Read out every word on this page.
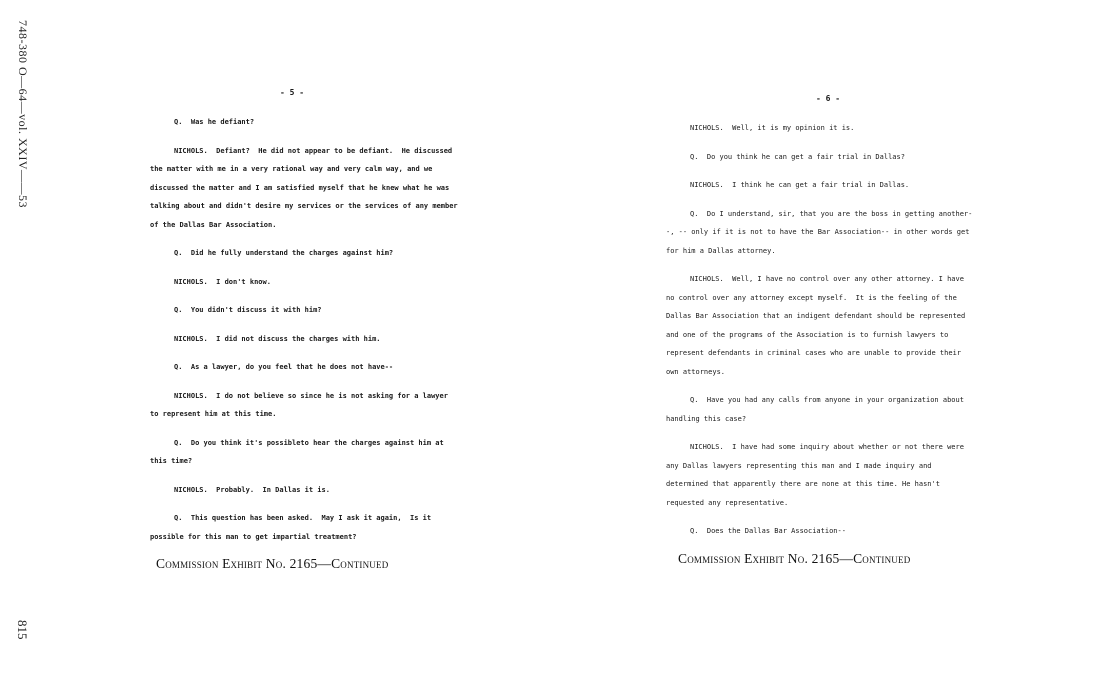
748-380 O—64—vol. XXIV——53
815
- 5 -

Q.  Was he defiant?

NICHOLS.  Defiant?  He did not appear to be defiant.  He discussed the matter with me in a very rational way and very calm way, and we discussed the matter and I am satisfied myself that he knew what he was talking about and didn't desire my services or the services of any member of the Dallas Bar Association.

Q.  Did he fully understand the charges against him?

NICHOLS.  I don't know.

Q.  You didn't discuss it with him?

NICHOLS.  I did not discuss the charges with him.

Q.  As a lawyer, do you feel that he does not have--

NICHOLS.  I do not believe so since he is not asking for a lawyer to represent him at this time.

Q.  Do you think it's possibleto hear the charges against him at this time?

NICHOLS.  Probably.  In Dallas it is.

Q.  This question has been asked.  May I ask it again,  Is it possible for this man to get impartial treatment?

Commission Exhibit No. 2165—Continued
- 6 -

NICHOLS.  Well, it is my opinion it is.

Q.  Do you think he can get a fair trial in Dallas?

NICHOLS.  I think he can get a fair trial in Dallas.

Q.  Do I understand, sir, that you are the boss in getting another--, -- only if it is not to have the Bar Association-- in other words get for him a Dallas attorney.

NICHOLS.  Well, I have no control over any other attorney. I have no control over any attorney except myself.  It is the feeling of the Dallas Bar Association that an indigent defendant should be represented and one of the programs of the Association is to furnish lawyers to represent defendants in criminal cases who are unable to provide their own attorneys.

Q.  Have you had any calls from anyone in your organization about handling this case?

NICHOLS.  I have had some inquiry about whether or not there were any Dallas lawyers representing this man and I made inquiry and determined that apparently there are none at this time. He hasn't requested any representative.

Q.  Does the Dallas Bar Association--

Commission Exhibit No. 2165—Continued
